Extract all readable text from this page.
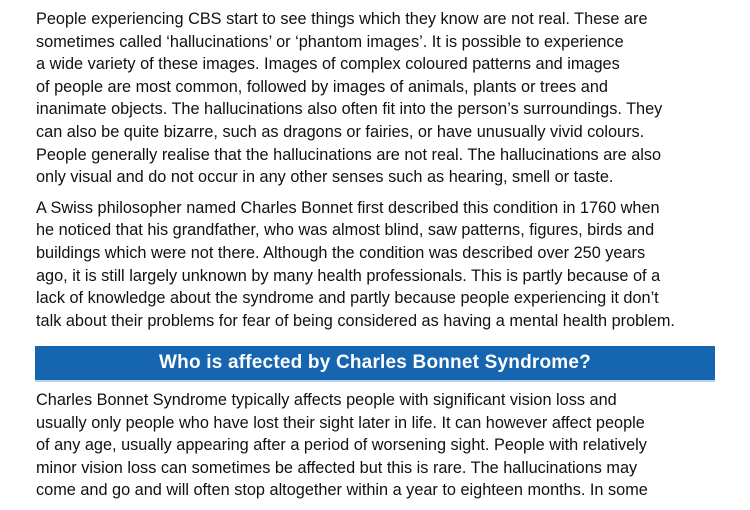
People experiencing CBS start to see things which they know are not real. These are
sometimes called ‘hallucinations’ or ‘phantom images’. It is possible to experience
a wide variety of these images. Images of complex coloured patterns and images
of people are most common, followed by images of animals, plants or trees and
inanimate objects. The hallucinations also often fit into the person’s surroundings. They
can also be quite bizarre, such as dragons or fairies, or have unusually vivid colours.
People generally realise that the hallucinations are not real. The hallucinations are also
only visual and do not occur in any other senses such as hearing, smell or taste.

A Swiss philosopher named Charles Bonnet first described this condition in 1760 when
he noticed that his grandfather, who was almost blind, saw patterns, figures, birds and
buildings which were not there. Although the condition was described over 250 years
ago, it is still largely unknown by many health professionals. This is partly because of a
lack of knowledge about the syndrome and partly because people experiencing it don’t
talk about their problems for fear of being considered as having a mental health problem.

Who is affected by Charles Bonnet Syndrome?

Charles Bonnet Syndrome typically affects people with significant vision loss and
usually only people who have lost their sight later in life. It can however affect people
of any age, usually appearing after a period of worsening sight. People with relatively
minor vision loss can sometimes be affected but this is rare. The hallucinations may
come and go and will often stop altogether within a year to eighteen months. In some
